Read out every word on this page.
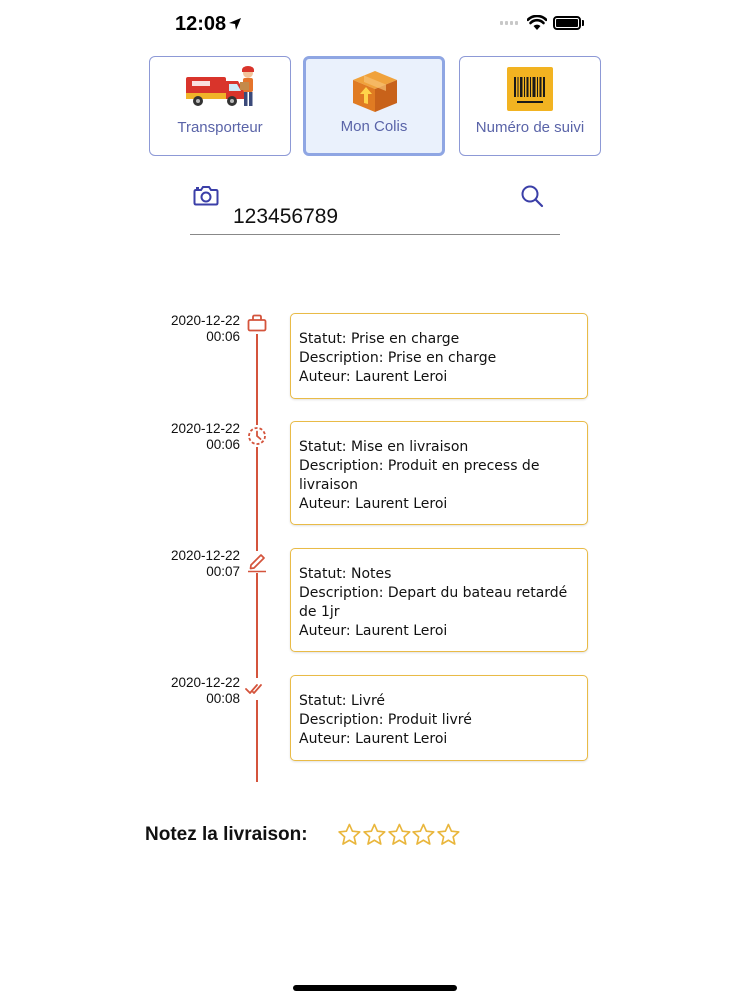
12:08
Transporteur	Mon Colis	Numéro de suivi
123456789
2020-12-22
00:06	Statut: Prise en charge
Description: Prise en charge
Auteur: Laurent Leroi
2020-12-22
00:06	Statut: Mise en livraison
Description: Produit en precess de livraison
Auteur: Laurent Leroi
2020-12-22
00:07	Statut: Notes
Description: Depart du bateau retardé de 1jr
Auteur: Laurent Leroi
2020-12-22
00:08	Statut: Livré
Description: Produit livré
Auteur: Laurent Leroi
Notez la livraison:
